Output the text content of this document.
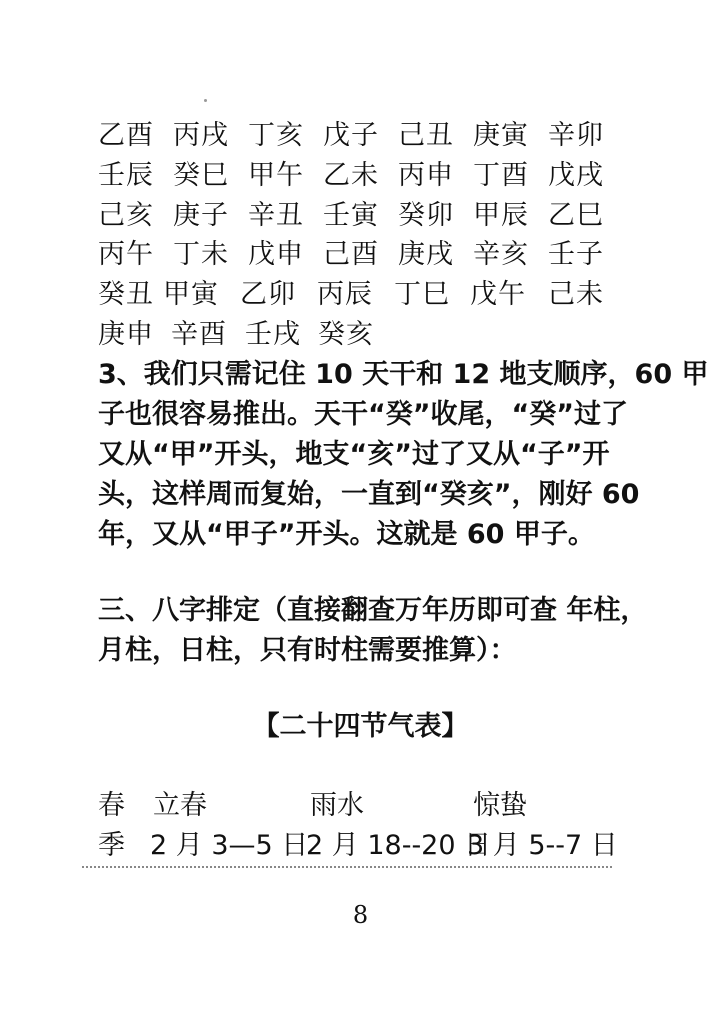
乙酉 丙戌 丁亥 戊子 己丑 庚寅 辛卯
壬辰 癸巳 甲午 乙未 丙申 丁酉 戊戌
己亥 庚子 辛丑 壬寅 癸卯 甲辰 乙巳
丙午 丁未 戊申 己酉 庚戌 辛亥 壬子
癸丑 甲寅 乙卯 丙辰 丁巳 戊午 己未
庚申 辛酉 壬戌 癸亥
3、我们只需记住 10 天干和 12 地支顺序，60 甲
子也很容易推出。天干“癸”收尾，“癸”过了
又从“甲”开头，地支“亥”过了又从“子”开
头，这样周而复始，一直到“癸亥”，刚好 60
年，又从“甲子”开头。这就是 60 甲子。
三、八字排定（直接翻查万年历即可查 年柱，
月柱，日柱，只有时柱需要推算）：
【二十四节气表】
春 立春	雨水	惊蛰
季 2 月 3—5 日
2 月 18--20 日
3 月 5--7 日
8
